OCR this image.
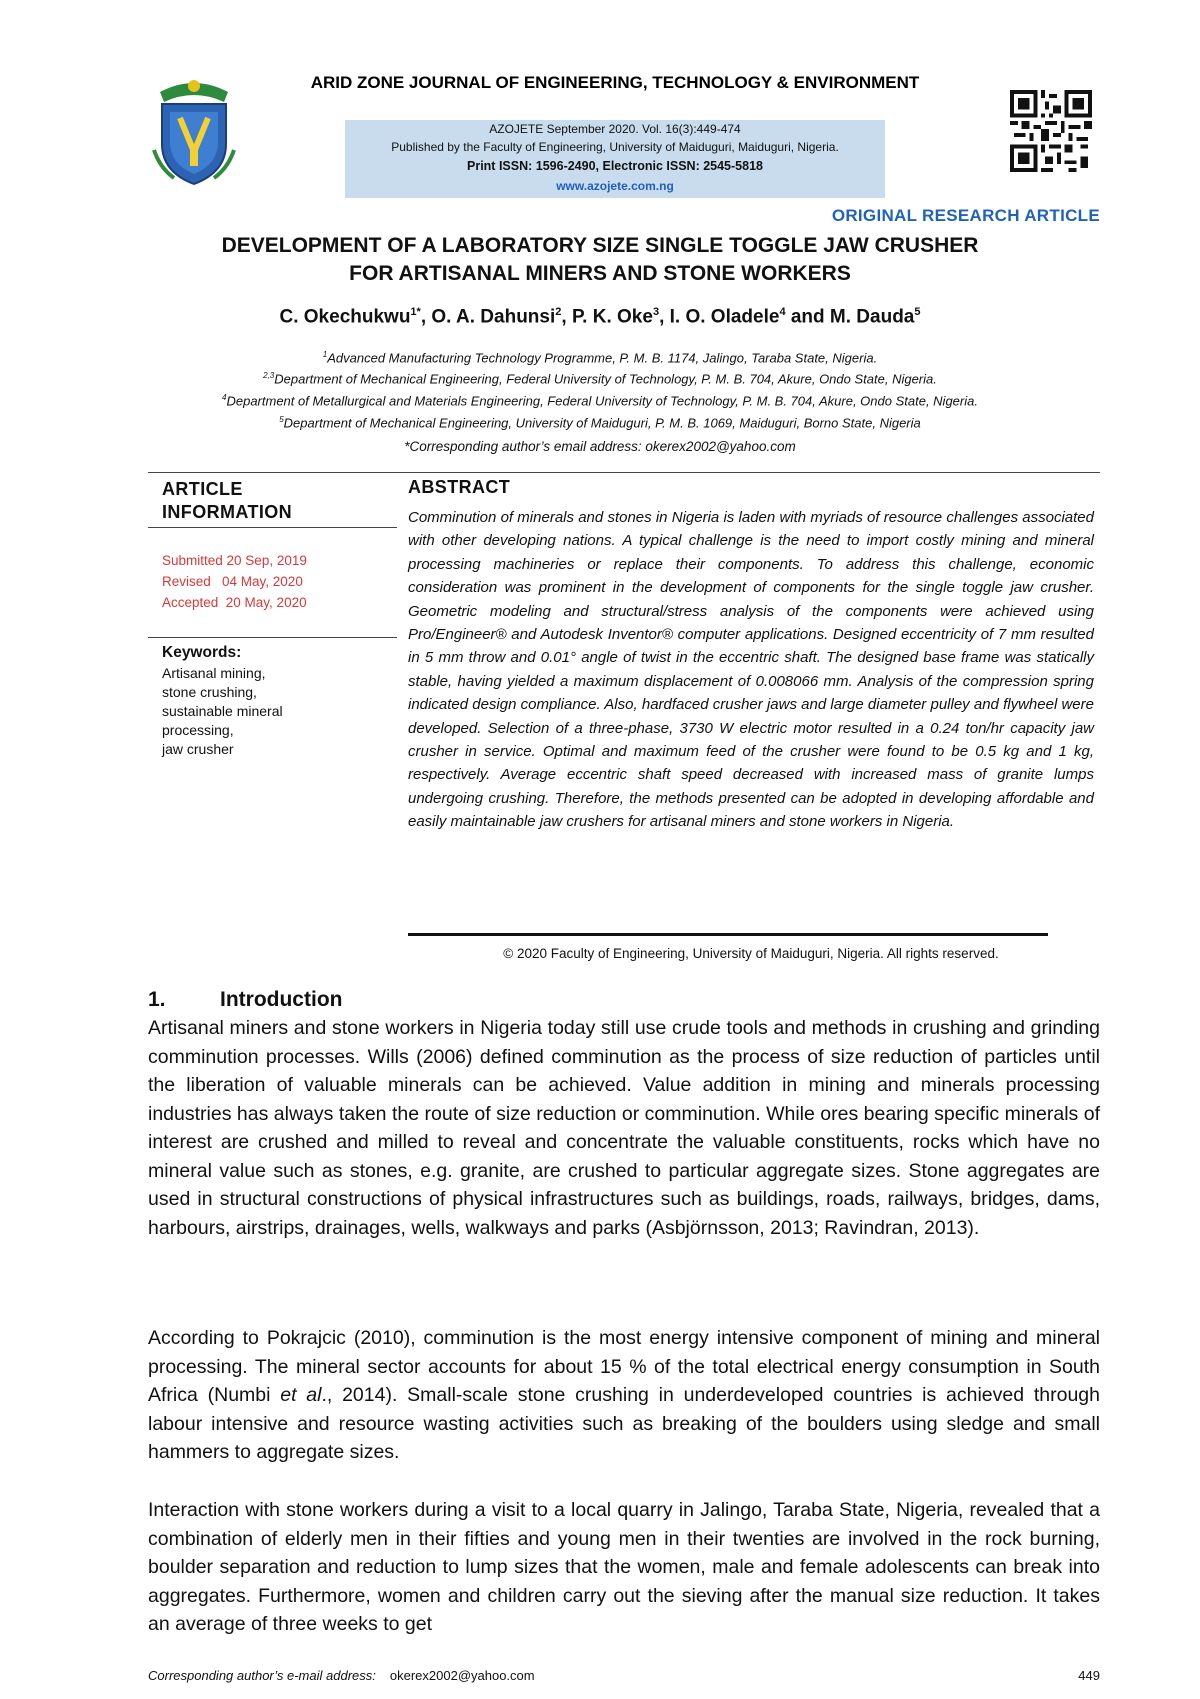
ARID ZONE JOURNAL OF ENGINEERING, TECHNOLOGY & ENVIRONMENT
AZOJETE September 2020. Vol. 16(3):449-474
Published by the Faculty of Engineering, University of Maiduguri, Maiduguri, Nigeria.
Print ISSN: 1596-2490, Electronic ISSN: 2545-5818
www.azojete.com.ng
ORIGINAL RESEARCH ARTICLE
DEVELOPMENT OF A LABORATORY SIZE SINGLE TOGGLE JAW CRUSHER
FOR ARTISANAL MINERS AND STONE WORKERS
C. Okechukwu$^{1*}$, O. A. Dahunsi$^2$, P. K. Oke$^3$, I. O. Oladele$^4$ and M. Dauda$^5$
$^1$Advanced Manufacturing Technology Programme, P. M. B. 1174, Jalingo, Taraba State, Nigeria.
$^{2,3}$Department of Mechanical Engineering, Federal University of Technology, P. M. B. 704, Akure, Ondo State, Nigeria.
$^4$Department of Metallurgical and Materials Engineering, Federal University of Technology, P. M. B. 704, Akure, Ondo State, Nigeria.
$^5$Department of Mechanical Engineering, University of Maiduguri, P. M. B. 1069, Maiduguri, Borno State, Nigeria
*Corresponding author’s email address: okerex2002@yahoo.com
ARTICLE
INFORMATION
Submitted 20 Sep, 2019
Revised   04 May, 2020
Accepted  20 May, 2020
Keywords:
Artisanal mining,
stone crushing,
sustainable mineral
processing,
jaw crusher
ABSTRACT
Comminution of minerals and stones in Nigeria is laden with myriads of resource challenges associated with other developing nations. A typical challenge is the need to import costly mining and mineral processing machineries or replace their components. To address this challenge, economic consideration was prominent in the development of components for the single toggle jaw crusher. Geometric modeling and structural/stress analysis of the components were achieved using Pro/Engineer® and Autodesk Inventor® computer applications. Designed eccentricity of 7 mm resulted in 5 mm throw and 0.01° angle of twist in the eccentric shaft. The designed base frame was statically stable, having yielded a maximum displacement of 0.008066 mm. Analysis of the compression spring indicated design compliance. Also, hardfaced crusher jaws and large diameter pulley and flywheel were developed. Selection of a three-phase, 3730 W electric motor resulted in a 0.24 ton/hr capacity jaw crusher in service. Optimal and maximum feed of the crusher were found to be 0.5 kg and 1 kg, respectively. Average eccentric shaft speed decreased with increased mass of granite lumps undergoing crushing. Therefore, the methods presented can be adopted in developing affordable and easily maintainable jaw crushers for artisanal miners and stone workers in Nigeria.
© 2020 Faculty of Engineering, University of Maiduguri, Nigeria. All rights reserved.
1.	Introduction
Artisanal miners and stone workers in Nigeria today still use crude tools and methods in crushing and grinding comminution processes. Wills (2006) defined comminution as the process of size reduction of particles until the liberation of valuable minerals can be achieved. Value addition in mining and minerals processing industries has always taken the route of size reduction or comminution. While ores bearing specific minerals of interest are crushed and milled to reveal and concentrate the valuable constituents, rocks which have no mineral value such as stones, e.g. granite, are crushed to particular aggregate sizes. Stone aggregates are used in structural constructions of physical infrastructures such as buildings, roads, railways, bridges, dams, harbours, airstrips, drainages, wells, walkways and parks (Asbjörnsson, 2013; Ravindran, 2013).
According to Pokrajcic (2010), comminution is the most energy intensive component of mining and mineral processing. The mineral sector accounts for about 15 % of the total electrical energy consumption in South Africa (Numbi et al., 2014). Small-scale stone crushing in underdeveloped countries is achieved through labour intensive and resource wasting activities such as breaking of the boulders using sledge and small hammers to aggregate sizes.
Interaction with stone workers during a visit to a local quarry in Jalingo, Taraba State, Nigeria, revealed that a combination of elderly men in their fifties and young men in their twenties are involved in the rock burning, boulder separation and reduction to lump sizes that the women, male and female adolescents can break into aggregates. Furthermore, women and children carry out the sieving after the manual size reduction. It takes an average of three weeks to get
Corresponding author’s e-mail address: okerex2002@yahoo.com	449
